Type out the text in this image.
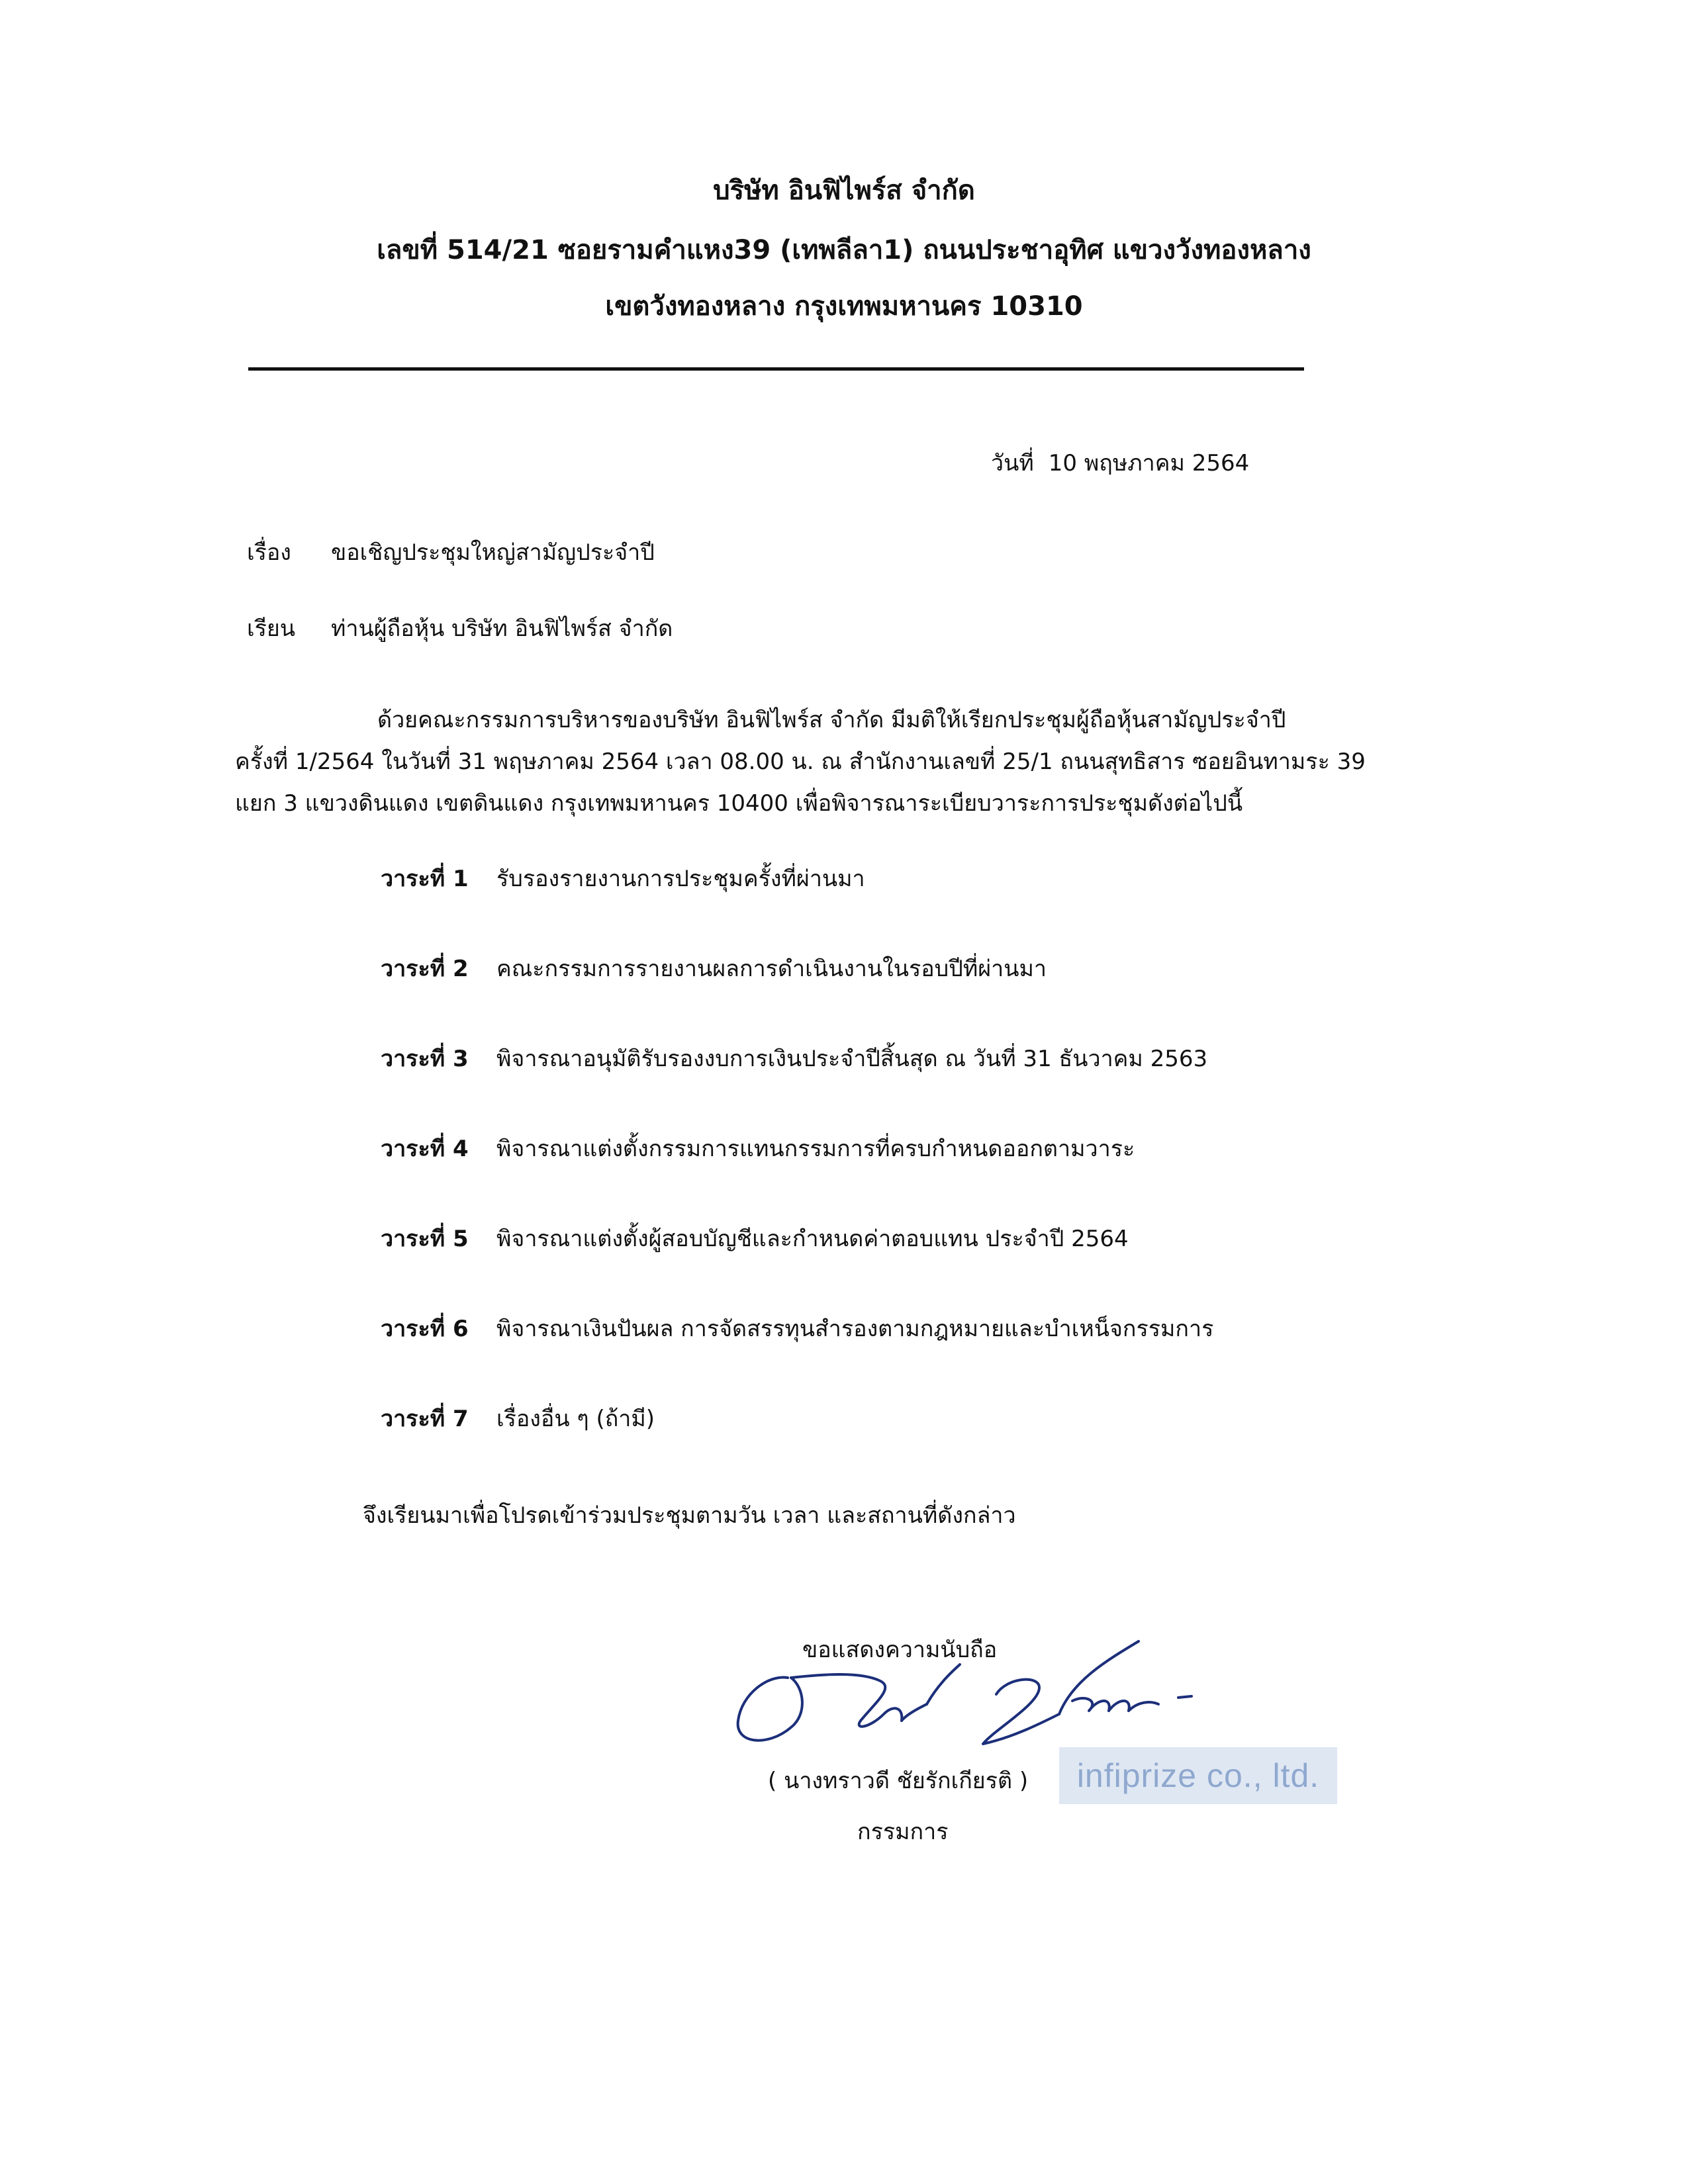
บริษัท อินฟิไพร์ส จำกัด
เลขที่ 514/21 ซอยรามคำแหง39 (เทพลีลา1) ถนนประชาอุทิศ แขวงวังทองหลาง
เขตวังทองหลาง กรุงเทพมหานคร 10310
วันที่ 10 พฤษภาคม 2564
เรื่อง ขอเชิญประชุมใหญ่สามัญประจำปี
เรียน ท่านผู้ถือหุ้น บริษัท อินฟิไพร์ส จำกัด
ด้วยคณะกรรมการบริหารของบริษัท อินฟิไพร์ส จำกัด มีมติให้เรียกประชุมผู้ถือหุ้นสามัญประจำปี
ครั้งที่ 1/2564 ในวันที่ 31 พฤษภาคม 2564 เวลา 08.00 น. ณ สำนักงานเลขที่ 25/1 ถนนสุทธิสาร ซอยอินทามระ 39
แยก 3 แขวงดินแดง เขตดินแดง กรุงเทพมหานคร 10400 เพื่อพิจารณาระเบียบวาระการประชุมดังต่อไปนี้
วาระที่ 1 รับรองรายงานการประชุมครั้งที่ผ่านมา
วาระที่ 2 คณะกรรมการรายงานผลการดำเนินงานในรอบปีที่ผ่านมา
วาระที่ 3 พิจารณาอนุมัติรับรองงบการเงินประจำปีสิ้นสุด ณ วันที่ 31 ธันวาคม 2563
วาระที่ 4 พิจารณาแต่งตั้งกรรมการแทนกรรมการที่ครบกำหนดออกตามวาระ
วาระที่ 5 พิจารณาแต่งตั้งผู้สอบบัญชีและกำหนดค่าตอบแทน ประจำปี 2564
วาระที่ 6 พิจารณาเงินปันผล การจัดสรรทุนสำรองตามกฎหมายและบำเหน็จกรรมการ
วาระที่ 7 เรื่องอื่น ๆ (ถ้ามี)
จึงเรียนมาเพื่อโปรดเข้าร่วมประชุมตามวัน เวลา และสถานที่ดังกล่าว
ขอแสดงความนับถือ
( นางทราวดี ชัยรักเกียรติ )	infiprize co., ltd.
กรรมการ
